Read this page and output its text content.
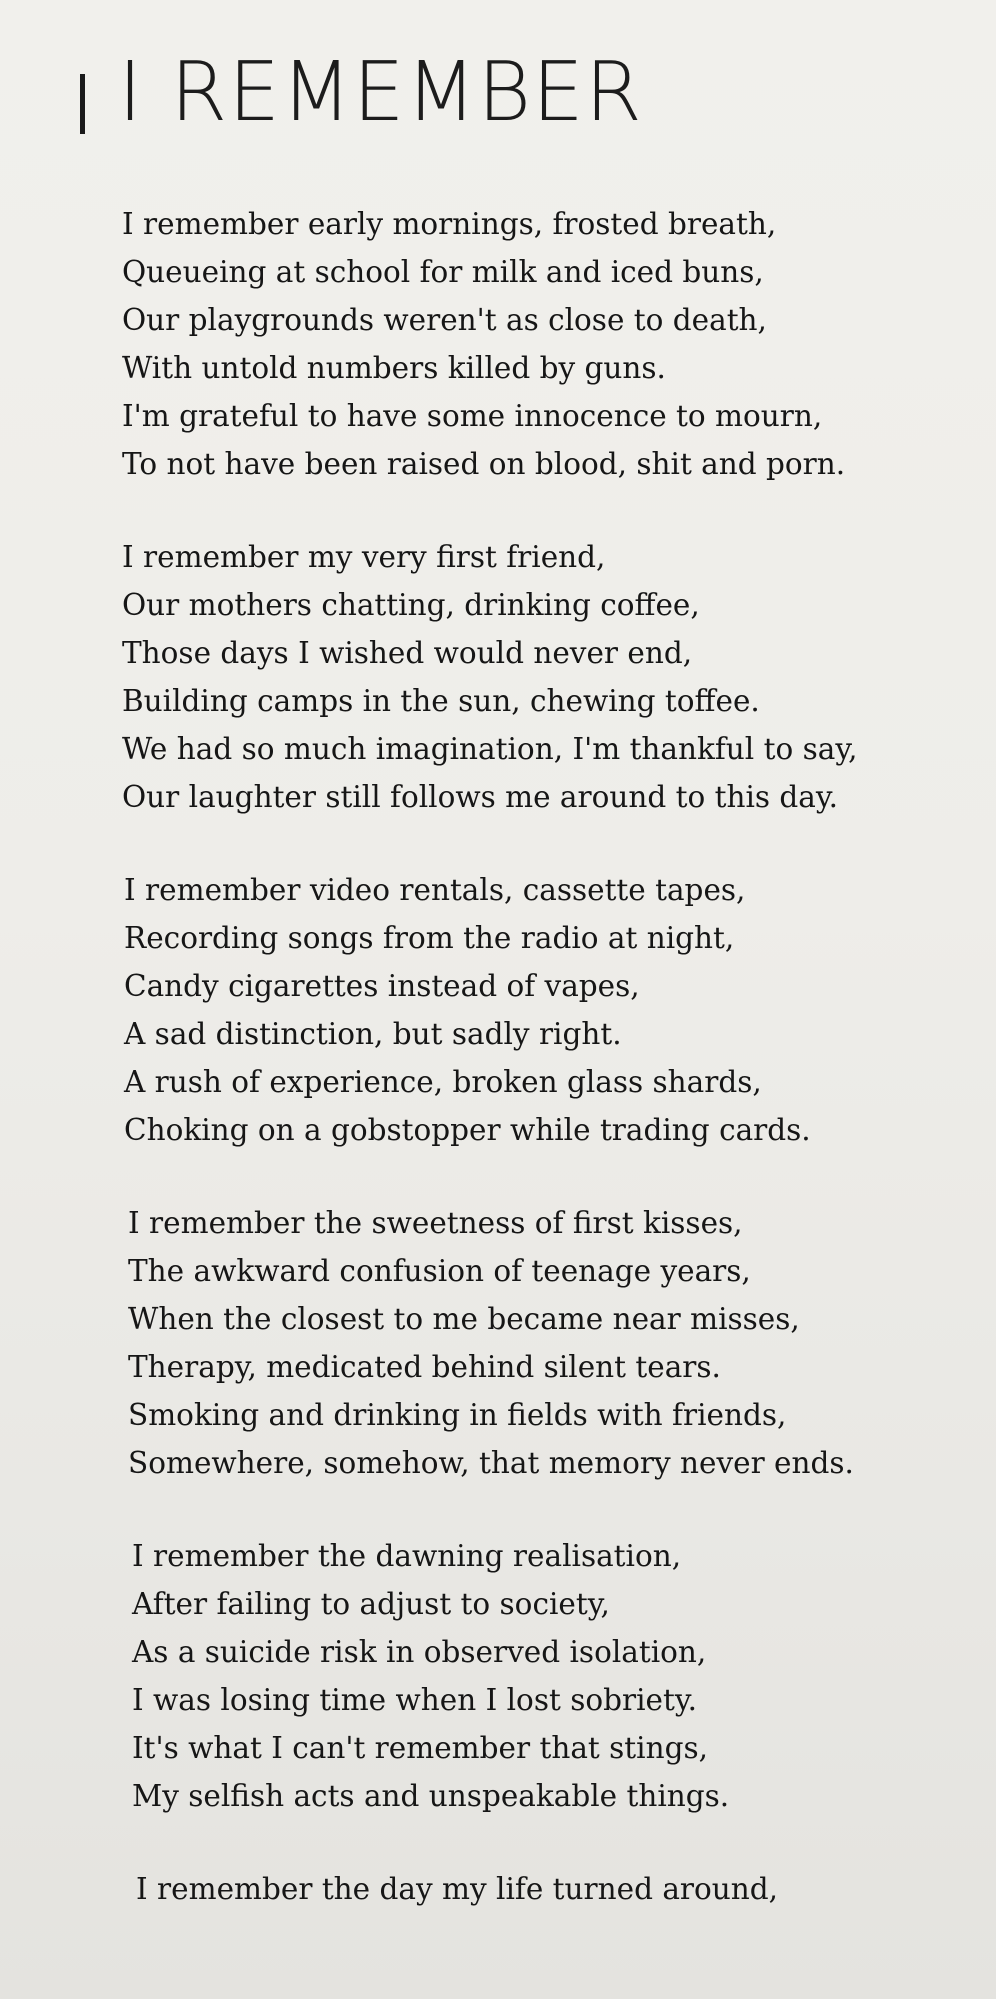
I REMEMBER
I remember early mornings, frosted breath,
Queueing at school for milk and iced buns,
Our playgrounds weren't as close to death,
With untold numbers killed by guns.
I'm grateful to have some innocence to mourn,
To not have been raised on blood, shit and porn.
I remember my very first friend,
Our mothers chatting, drinking coffee,
Those days I wished would never end,
Building camps in the sun, chewing toffee.
We had so much imagination, I'm thankful to say,
Our laughter still follows me around to this day.
I remember video rentals, cassette tapes,
Recording songs from the radio at night,
Candy cigarettes instead of vapes,
A sad distinction, but sadly right.
A rush of experience, broken glass shards,
Choking on a gobstopper while trading cards.
I remember the sweetness of first kisses,
The awkward confusion of teenage years,
When the closest to me became near misses,
Therapy, medicated behind silent tears.
Smoking and drinking in fields with friends,
Somewhere, somehow, that memory never ends.
I remember the dawning realisation,
After failing to adjust to society,
As a suicide risk in observed isolation,
I was losing time when I lost sobriety.
It's what I can't remember that stings,
My selfish acts and unspeakable things.
I remember the day my life turned around,
